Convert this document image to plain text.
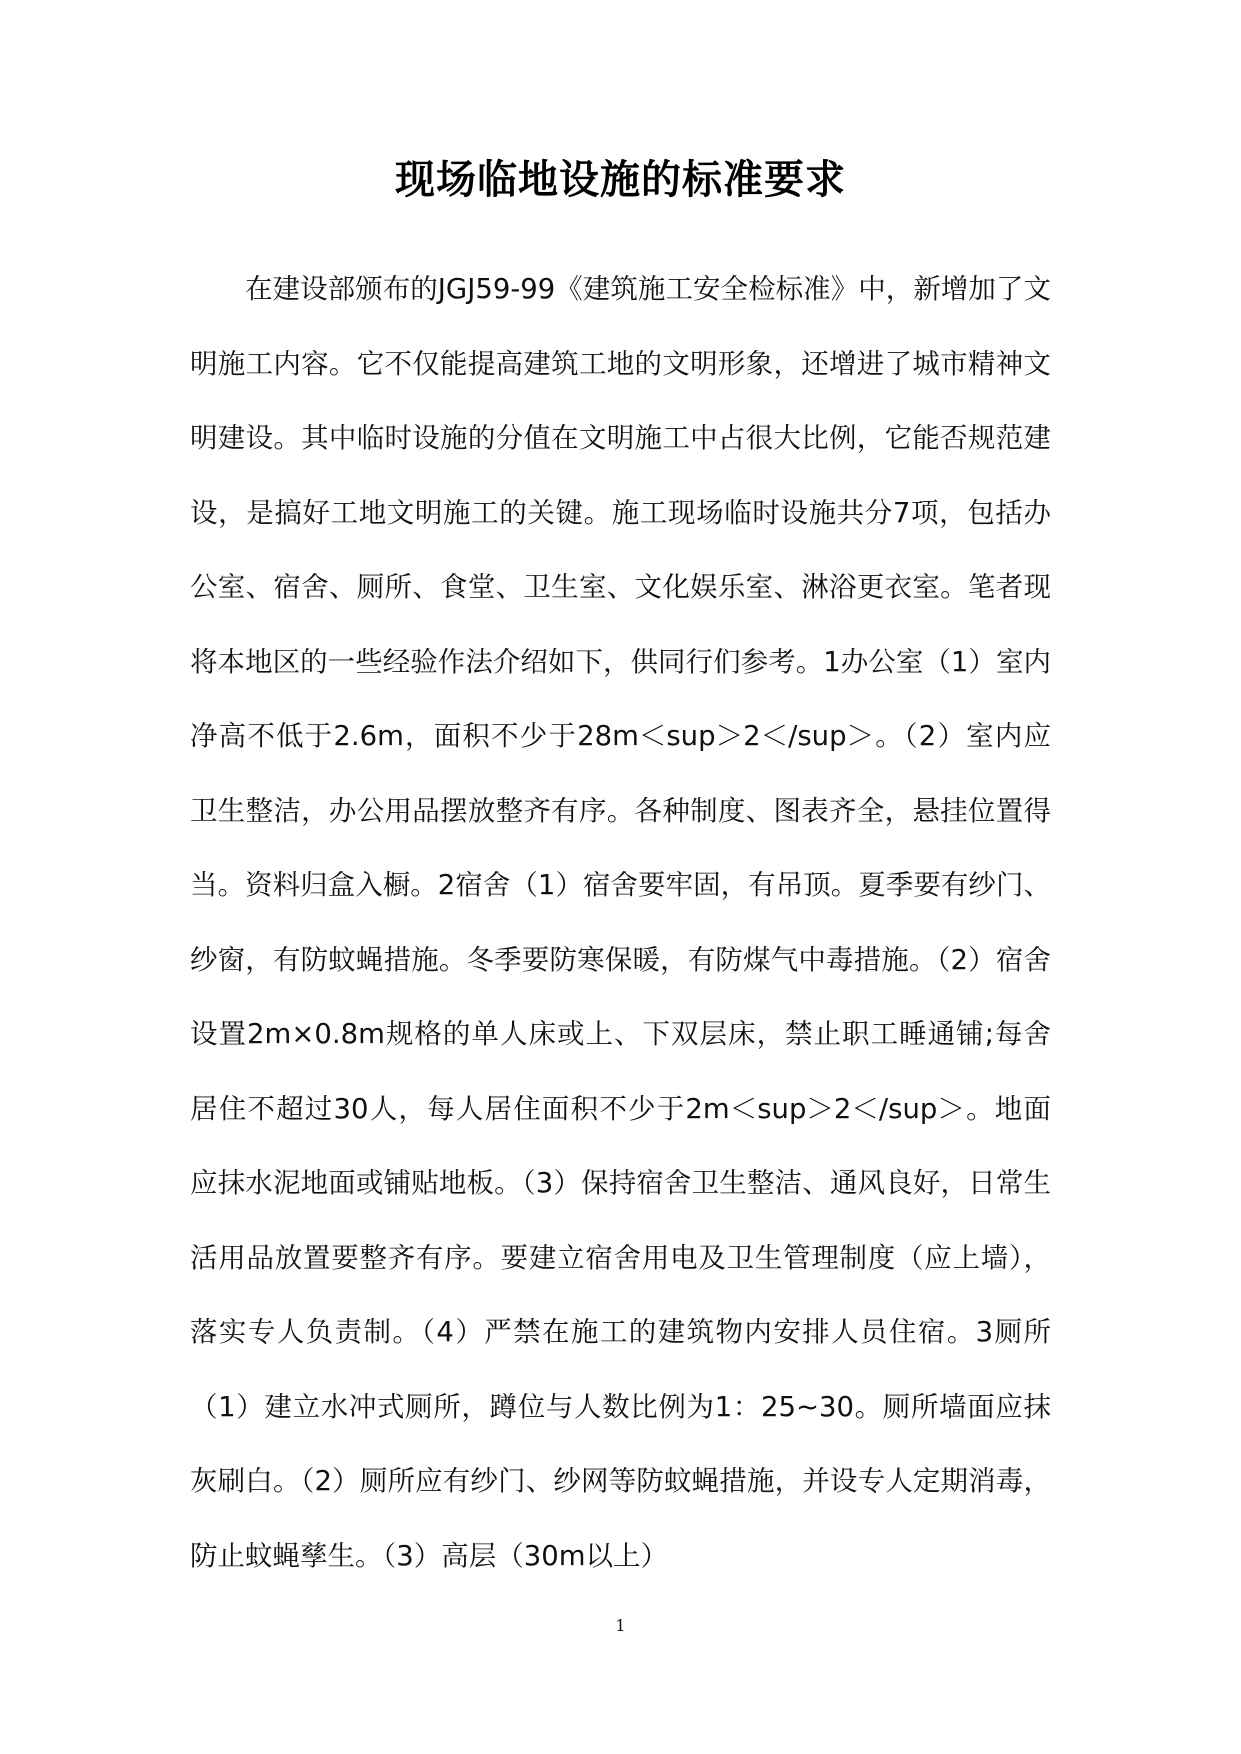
现场临地设施的标准要求

在建设部颁布的JGJ59-99《建筑施工安全检标准》中，新增加了文明施工内容。它不仅能提高建筑工地的文明形象，还增进了城市精神文明建设。其中临时设施的分值在文明施工中占很大比例，它能否规范建设，是搞好工地文明施工的关键。施工现场临时设施共分7项，包括办公室、宿舍、厕所、食堂、卫生室、文化娱乐室、淋浴更衣室。笔者现将本地区的一些经验作法介绍如下，供同行们参考。1办公室（1）室内净高不低于2.6m，面积不少于28m＜sup＞2＜/sup＞。（2）室内应卫生整洁，办公用品摆放整齐有序。各种制度、图表齐全，悬挂位置得当。资料归盒入橱。2宿舍（1）宿舍要牢固，有吊顶。夏季要有纱门、纱窗，有防蚊蝇措施。冬季要防寒保暖，有防煤气中毒措施。（2）宿舍设置2m×0.8m规格的单人床或上、下双层床，禁止职工睡通铺;每舍居住不超过30人，每人居住面积不少于2m＜sup＞2＜/sup＞。地面应抹水泥地面或铺贴地板。（3）保持宿舍卫生整洁、通风良好，日常生活用品放置要整齐有序。要建立宿舍用电及卫生管理制度（应上墙），落实专人负责制。（4）严禁在施工的建筑物内安排人员住宿。3厕所（1）建立水冲式厕所，蹲位与人数比例为1：25~30。厕所墙面应抹灰刷白。（2）厕所应有纱门、纱网等防蚊蝇措施，并设专人定期消毒，防止蚊蝇孳生。（3）高层（30m以上）

1
